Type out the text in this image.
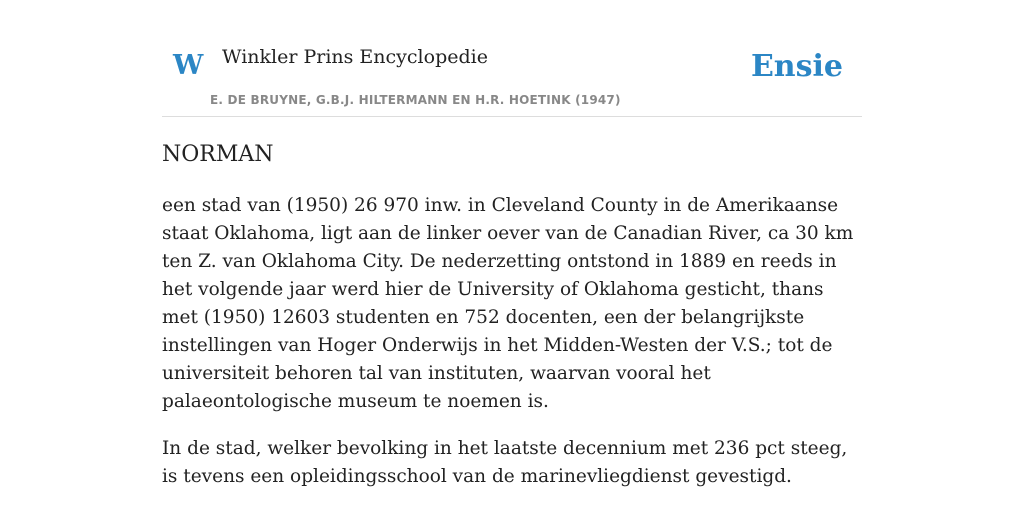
W Winkler Prins Encyclopedie
E. DE BRUYNE, G.B.J. HILTERMANN EN H.R. HOETINK (1947)
Ensie
NORMAN

een stad van (1950) 26 970 inw. in Cleveland County in de Amerikaanse staat Oklahoma, ligt aan de linker oever van de Canadian River, ca 30 km ten Z. van Oklahoma City. De nederzetting ontstond in 1889 en reeds in het volgende jaar werd hier de University of Oklahoma gesticht, thans met (1950) 12603 studenten en 752 docenten, een der belangrijkste instellingen van Hoger Onderwijs in het Midden-Westen der V.S.; tot de universiteit behoren tal van instituten, waarvan vooral het palaeontologische museum te noemen is.

In de stad, welker bevolking in het laatste decennium met 236 pct steeg, is tevens een opleidingsschool van de marinevliegdienst gevestigd.
